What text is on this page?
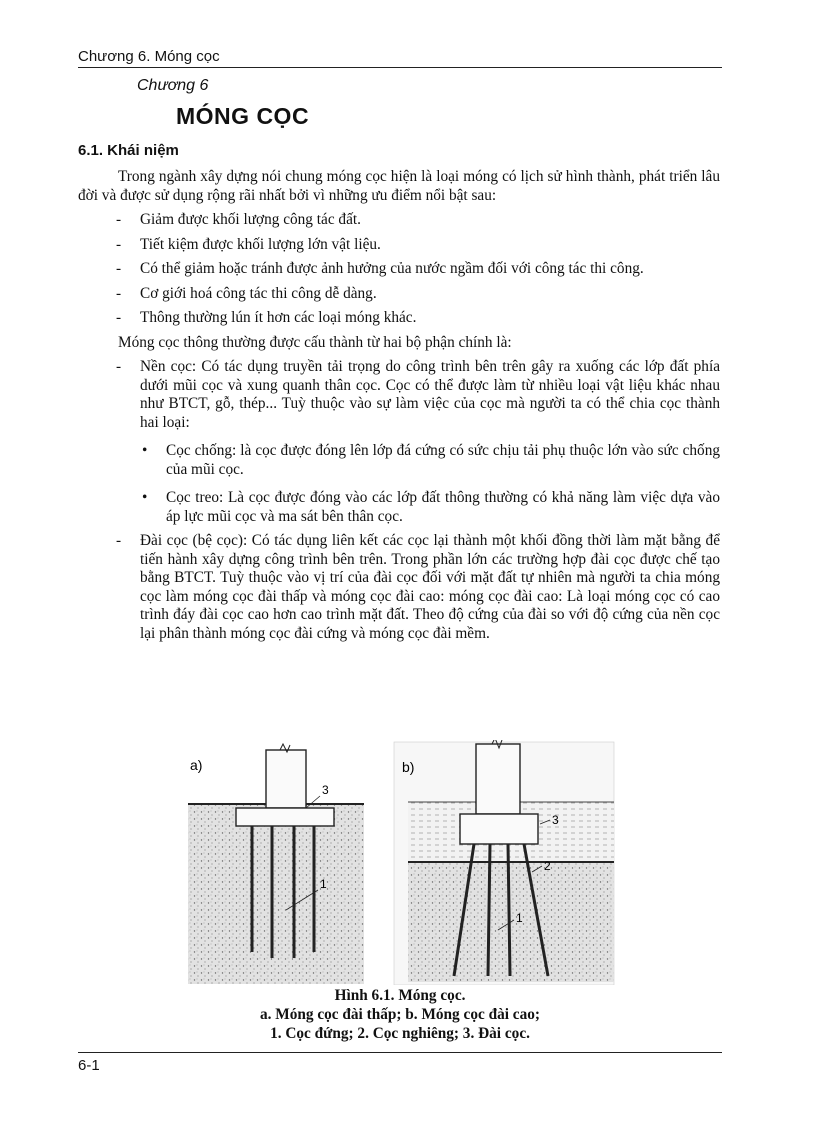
Chương 6. Móng cọc
Chương 6
MÓNG CỌC
6.1. Khái niệm

Trong ngành xây dựng nói chung móng cọc hiện là loại móng có lịch sử hình thành, phát triển lâu đời và được sử dụng rộng rãi nhất bởi vì những ưu điểm nổi bật sau:

- Giảm được khối lượng công tác đất.

- Tiết kiệm được khối lượng lớn vật liệu.

- Có thể giảm hoặc tránh được ảnh hưởng của nước ngầm đối với công tác thi công.

- Cơ giới hoá công tác thi công dễ dàng.

- Thông thường lún ít hơn các loại móng khác.

Móng cọc thông thường được cấu thành từ hai bộ phận chính là:

- Nền cọc: Có tác dụng truyền tải trọng do công trình bên trên gây ra xuống các lớp đất phía dưới mũi cọc và xung quanh thân cọc. Cọc có thể được làm từ nhiều loại vật liệu khác nhau như BTCT, gỗ, thép... Tuỳ thuộc vào sự làm việc của cọc mà người ta có thể chia cọc thành hai loại:

• Cọc chống: là cọc được đóng lên lớp đá cứng có sức chịu tải phụ thuộc lớn vào sức chống của mũi cọc.

• Cọc treo: Là cọc được đóng vào các lớp đất thông thường có khả năng làm việc dựa vào áp lực mũi cọc và ma sát bên thân cọc.

- Đài cọc (bệ cọc): Có tác dụng liên kết các cọc lại thành một khối đồng thời làm mặt bằng để tiến hành xây dựng công trình bên trên. Trong phần lớn các trường hợp đài cọc được chế tạo bằng BTCT. Tuỳ thuộc vào vị trí của đài cọc đối với mặt đất tự nhiên mà người ta chia móng cọc làm móng cọc đài thấp và móng cọc đài cao: móng cọc đài cao: Là loại móng cọc có cao trình đáy đài cọc cao hơn cao trình mặt đất. Theo độ cứng của đài so với độ cứng của nền cọc lại phân thành móng cọc đài cứng và móng cọc đài mềm.

a)
3
1
b)
3
2
1
Hình 6.1. Móng cọc.
a. Móng cọc đài thấp; b. Móng cọc đài cao;
1. Cọc đứng; 2. Cọc nghiêng; 3. Đài cọc.
6-1
